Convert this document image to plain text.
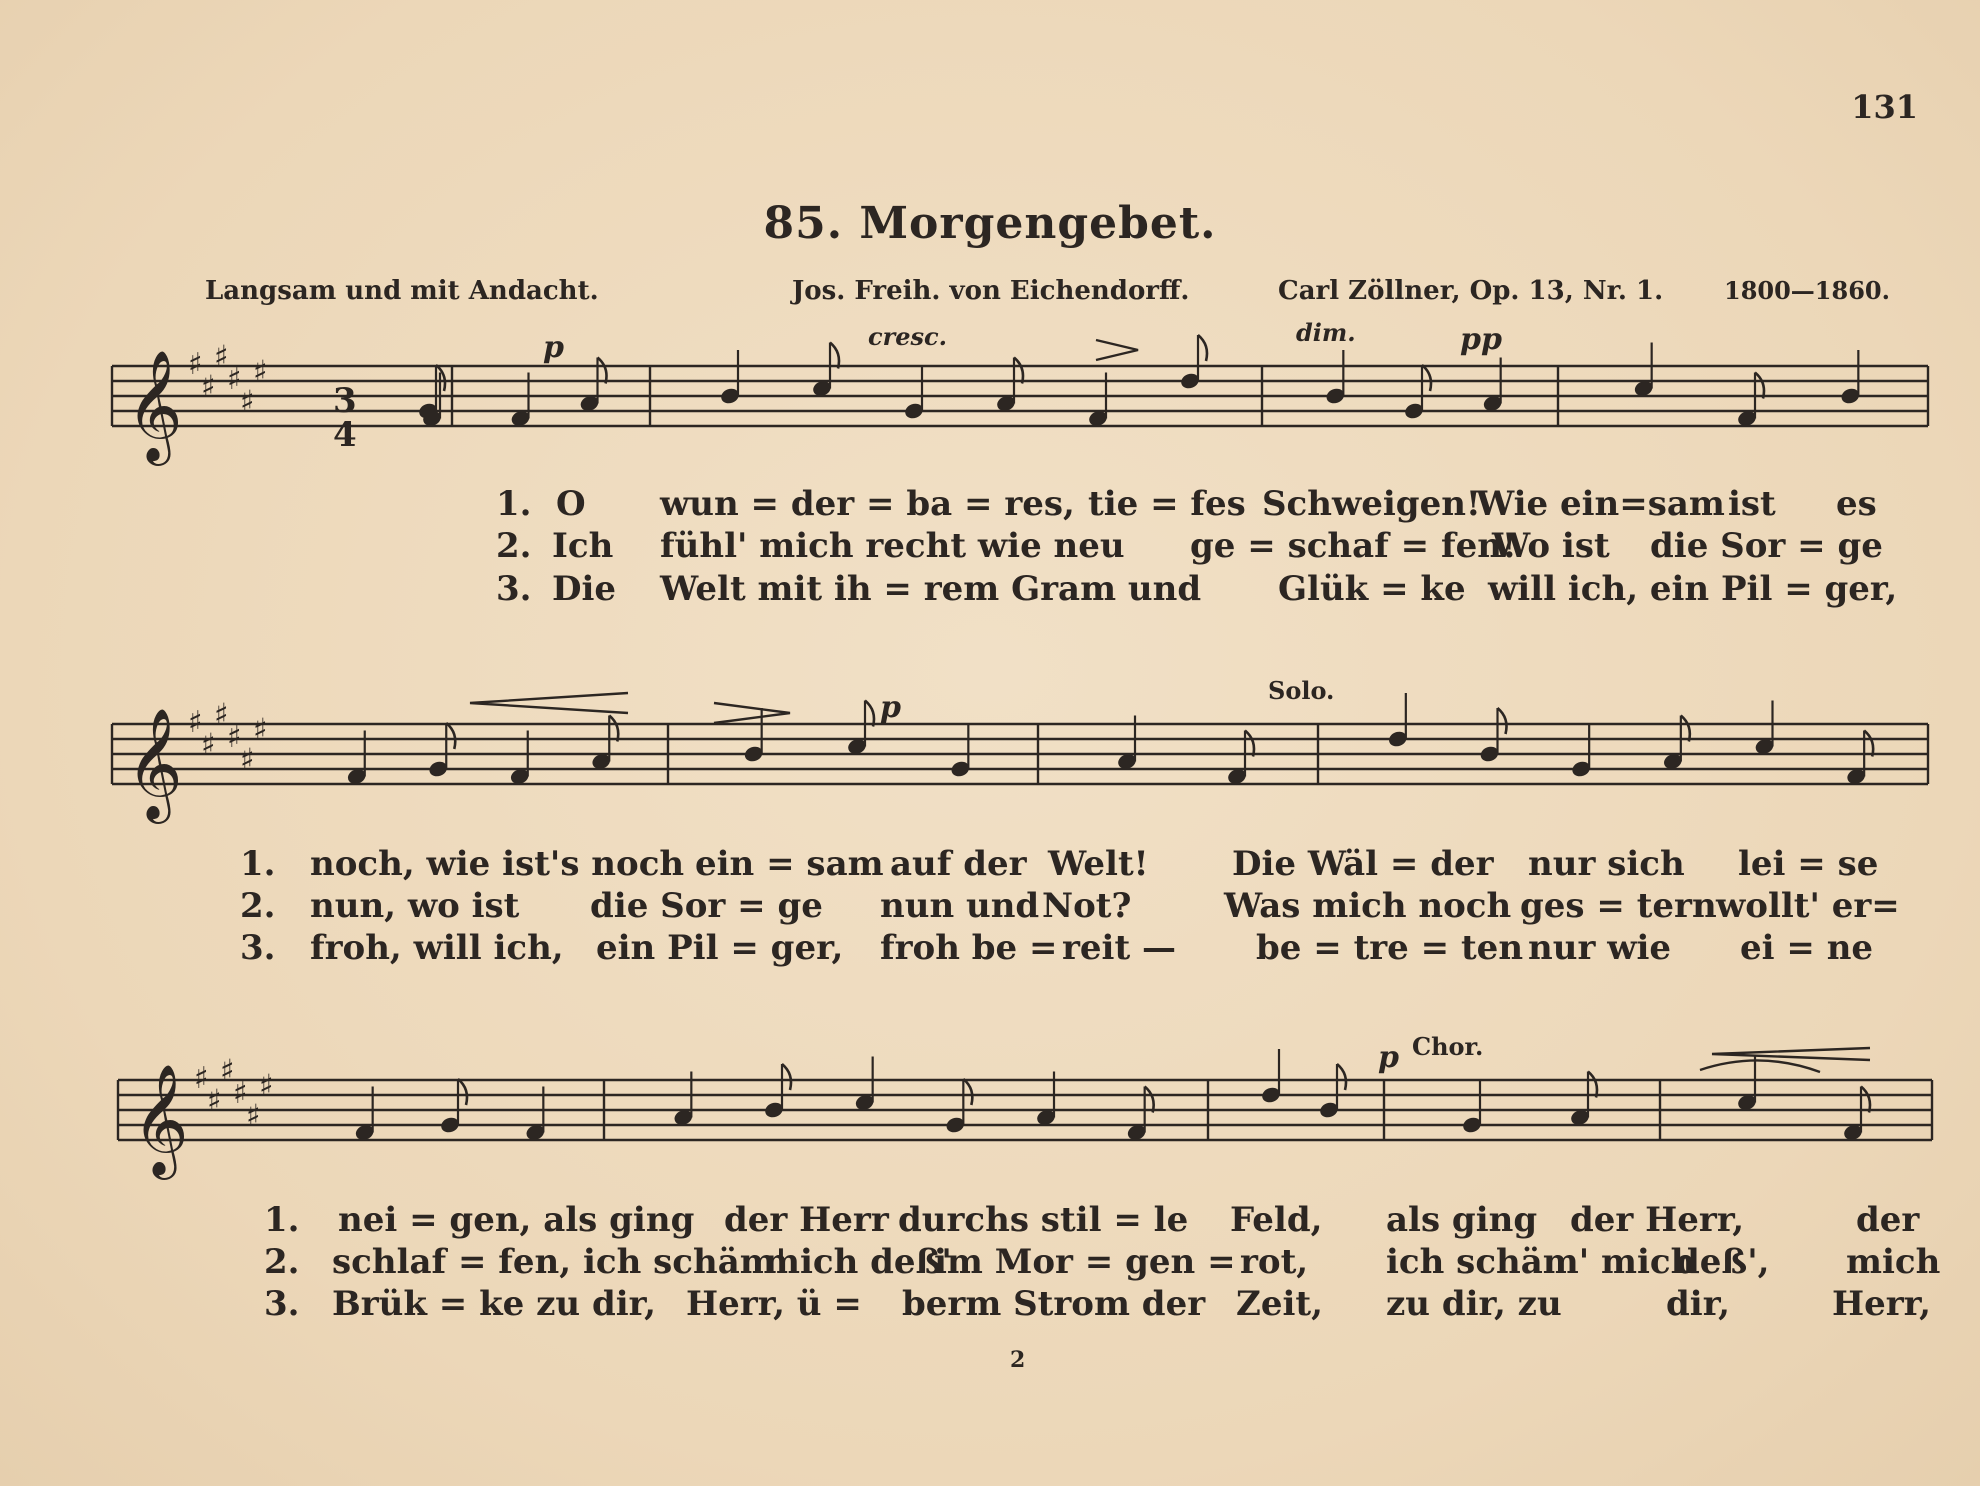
131
85. Morgengebet.
Langsam und mit Andacht.	Jos. Freih. von Eichendorff.	Carl Zöllner, Op. 13, Nr. 1.	1800—1860.
p	cresc.	dim.	pp
p
p
Solo.
Chor.
𝄞 ♯
♯
♯
♯
♯
♯
𝄞 ♯
♯
♯
♯
♯
♯
𝄞 ♯
♯
♯
♯
♯
♯
3
4
1. O wun = der = ba = res, tie = fes Schweigen!
Wie ein=sam ist es
2. Ich fühl' mich recht wie neu ge = schaf = fen!
Wo ist die Sor = ge
3. Die Welt mit ih = rem Gram und Glük = ke will ich, ein Pil = ger,
1. noch, wie ist's noch ein = sam auf der Welt! Die Wäl = der nur sich lei = se
2. nun, wo ist die Sor = ge nun und Not?	Was mich noch ges = tern wollt' er=
3. froh, will ich, ein Pil = ger, froh be = reit — be = tre = ten nur wie ei = ne
1. nei = gen, als ging der Herr durchs stil = le Feld, als ging der Herr,	der
2. schlaf = fen, ich schäm'
mich deß'
im Mor = gen = rot, ich schäm' mich
deß', mich
3. Brük = ke zu dir, Herr, ü = berm Strom der Zeit, zu dir, zu	dir,	Herr,
2
